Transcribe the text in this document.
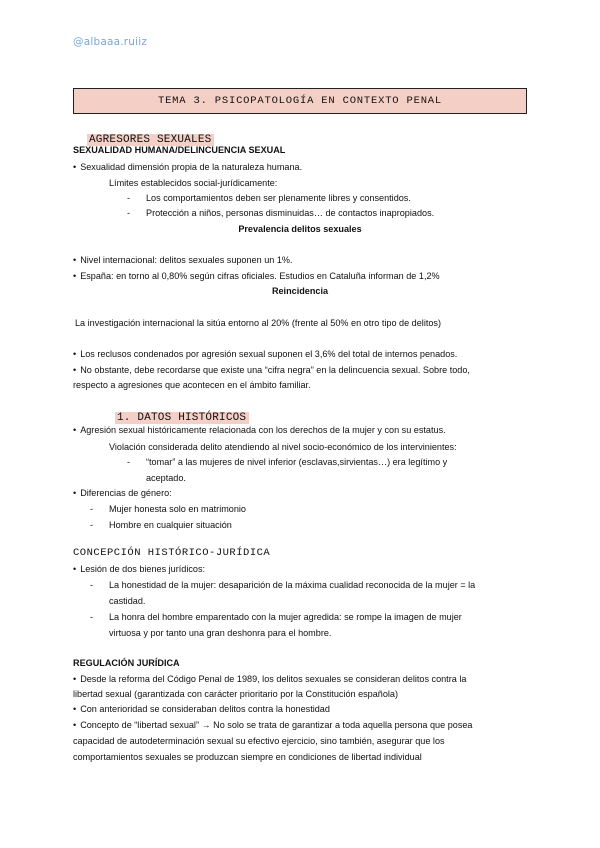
@albaaa.ruiiz
TEMA 3. PSICOPATOLOGÍA EN CONTEXTO PENAL
AGRESORES SEXUALES
SEXUALIDAD HUMANA/DELINCUENCIA SEXUAL
• Sexualidad dimensión propia de la naturaleza humana.
Límites establecidos social-jurídicamente:
- Los comportamientos deben ser plenamente libres y consentidos.
- Protección a niños, personas disminuidas… de contactos inapropiados.
Prevalencia delitos sexuales
• Nivel internacional: delitos sexuales suponen un 1%.
• España: en torno al 0,80% según cifras oficiales. Estudios en Cataluña informan de 1,2%
Reincidencia
La investigación internacional la sitúa entorno al 20% (frente al 50% en otro tipo de delitos)
• Los reclusos condenados por agresión sexual suponen el 3,6% del total de internos penados.
• No obstante, debe recordarse que existe una “cifra negra” en la delincuencia sexual. Sobre todo,
respecto a agresiones que acontecen en el ámbito familiar.
1. DATOS HISTÓRICOS
• Agresión sexual históricamente relacionada con los derechos de la mujer y con su estatus.
Violación considerada delito atendiendo al nivel socio-económico de los intervinientes:
- “tomar” a las mujeres de nivel inferior (esclavas,sirvientas…) era legítimo y
aceptado.
• Diferencias de género:
- Mujer honesta solo en matrimonio
- Hombre en cualquier situación
CONCEPCIÓN HISTÓRICO-JURÍDICA
• Lesión de dos bienes jurídicos:
- La honestidad de la mujer: desaparición de la máxima cualidad reconocida de la mujer = la
castidad.
- La honra del hombre emparentado con la mujer agredida: se rompe la imagen de mujer
virtuosa y por tanto una gran deshonra para el hombre.
REGULACIÓN JURÍDICA
• Desde la reforma del Código Penal de 1989, los delitos sexuales se consideran delitos contra la
libertad sexual (garantizada con carácter prioritario por la Constitución española)
• Con anterioridad se consideraban delitos contra la honestidad
• Concepto de “libertad sexual” → No solo se trata de garantizar a toda aquella persona que posea
capacidad de autodeterminación sexual su efectivo ejercicio, sino también, asegurar que los
comportamientos sexuales se produzcan siempre en condiciones de libertad individual
